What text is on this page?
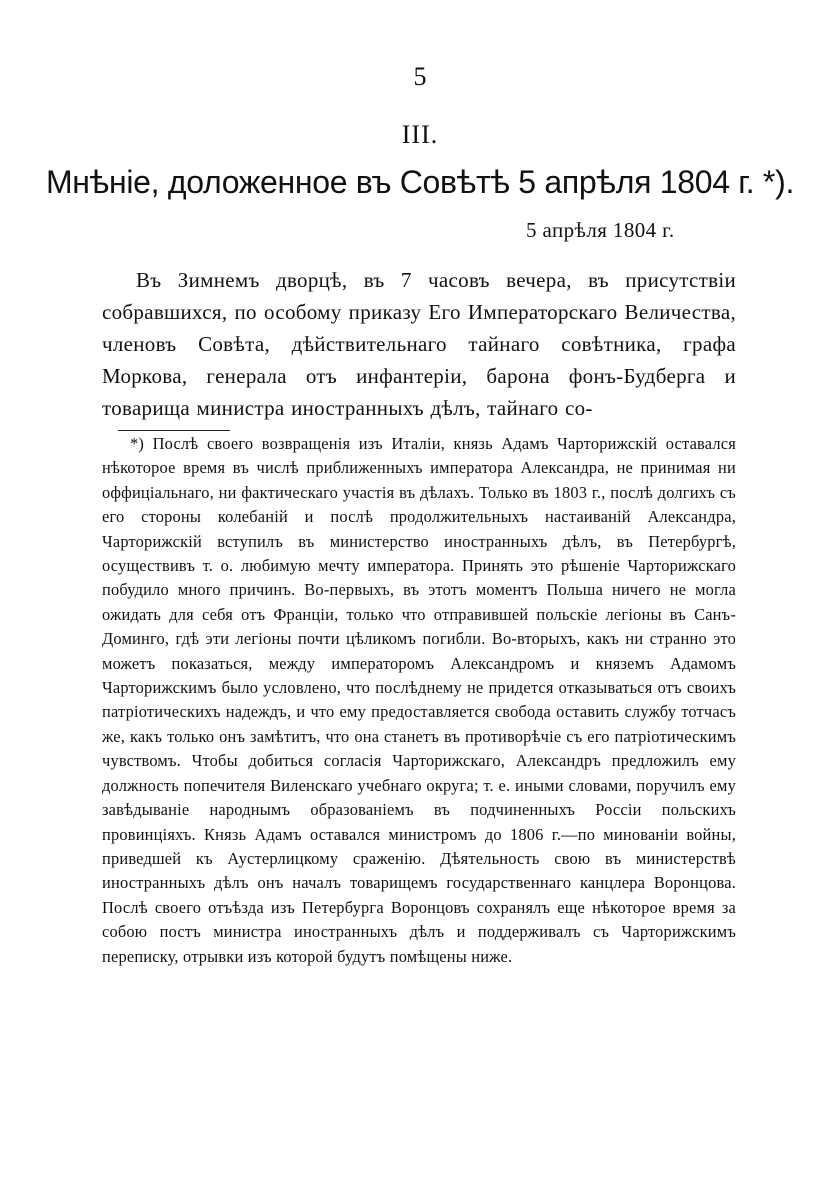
5
III.
Мнѣніе, доложенное въ Совѣтѣ 5 апрѣля 1804 г. *).
5 апрѣля 1804 г.

Въ Зимнемъ дворцѣ, въ 7 часовъ вечера, въ присутствіи собравшихся, по особому приказу Его Императорскаго Величества, членовъ Совѣта, дѣйствительнаго тайнаго совѣтника, графа Моркова, генерала отъ инфантеріи, барона фонъ-Будберга и товарища министра иностранныхъ дѣлъ, тайнаго со-

*) Послѣ своего возвращенія изъ Италіи, князь Адамъ Чарторижскій оставался нѣкоторое время въ числѣ приближенныхъ императора Александра, не принимая ни оффиціальнаго, ни фактическаго участія въ дѣлахъ. Только въ 1803 г., послѣ долгихъ съ его стороны колебаній и послѣ продолжительныхъ настаиваній Александра, Чарторижскій вступилъ въ министерство иностранныхъ дѣлъ, въ Петербургѣ, осуществивъ т. о. любимую мечту императора. Принять это рѣшеніе Чарторижскаго побудило много причинъ. Во-первыхъ, въ этотъ моментъ Польша ничего не могла ожидать для себя отъ Франціи, только что отправившей польскіе легіоны въ Санъ-Доминго, гдѣ эти легіоны почти цѣликомъ погибли. Во-вторыхъ, какъ ни странно это можетъ показаться, между императоромъ Александромъ и княземъ Адамомъ Чарторижскимъ было условлено, что послѣднему не придется отказываться отъ своихъ патріотическихъ надеждъ, и что ему предоставляется свобода оставить службу тотчасъ же, какъ только онъ замѣтитъ, что она станетъ въ противорѣчіе съ его патріотическимъ чувствомъ. Чтобы добиться согласія Чарторижскаго, Александръ предложилъ ему должность попечителя Виленскаго учебнаго округа; т. е. иными словами, поручилъ ему завѣдываніе народнымъ образованіемъ въ подчиненныхъ Россіи польскихъ провинціяхъ. Князь Адамъ оставался министромъ до 1806 г.—по минованіи войны, приведшей къ Аустерлицкому сраженію. Дѣятельность свою въ министерствѣ иностранныхъ дѣлъ онъ началъ товарищемъ государственнаго канцлера Воронцова. Послѣ своего отъѣзда изъ Петербурга Воронцовъ сохранялъ еще нѣкоторое время за собою постъ министра иностранныхъ дѣлъ и поддерживалъ съ Чарторижскимъ переписку, отрывки изъ которой будутъ помѣщены ниже.
